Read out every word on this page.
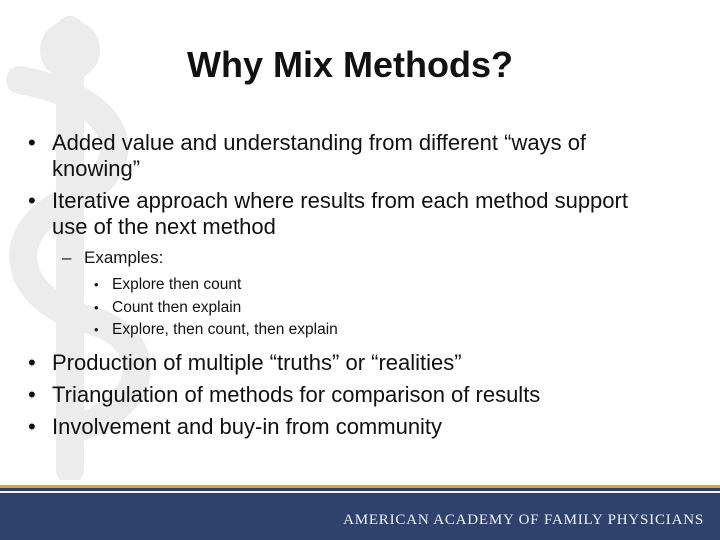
Why Mix Methods?
• Added value and understanding from different “ways of knowing”
• Iterative approach where results from each method support use of the next method
– Examples:
• Explore then count
• Count then explain
• Explore, then count, then explain
• Production of multiple “truths” or “realities”
• Triangulation of methods for comparison of results
• Involvement and buy-in from community
AMERICAN ACADEMY OF FAMILY PHYSICIANS
